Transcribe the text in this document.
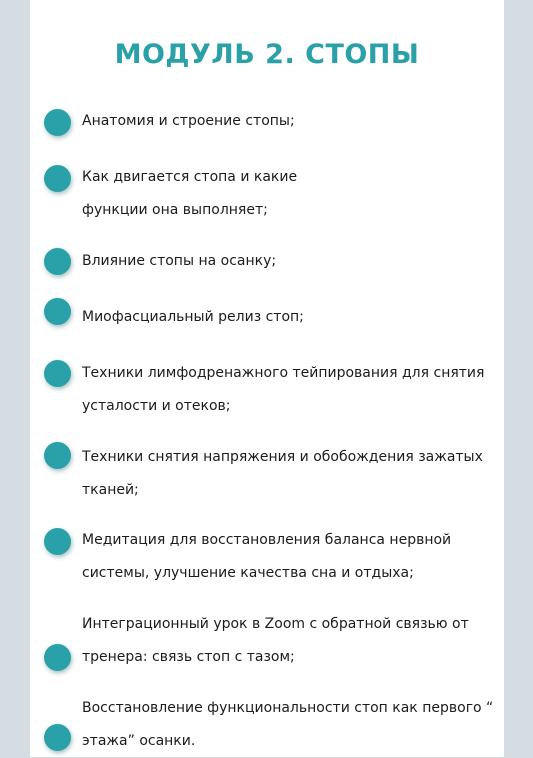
МОДУЛЬ 2. СТОПЫ

Анатомия и строение стопы;

Как двигается стопа и какие
функции она выполняет;

Влияние стопы на осанку;

Миофасциальный релиз стоп;

Техники лимфодренажного тейпирования для снятия
усталости и отеков;

Техники снятия напряжения и обобождения зажатых
тканей;

Медитация для восстановления баланса нервной
системы, улучшение качества сна и отдыха;

Интеграционный урок в Zoom с обратной связью от
тренера: связь стоп с тазом;

Восстановление функциональности стоп как первого “
этажа” осанки.
